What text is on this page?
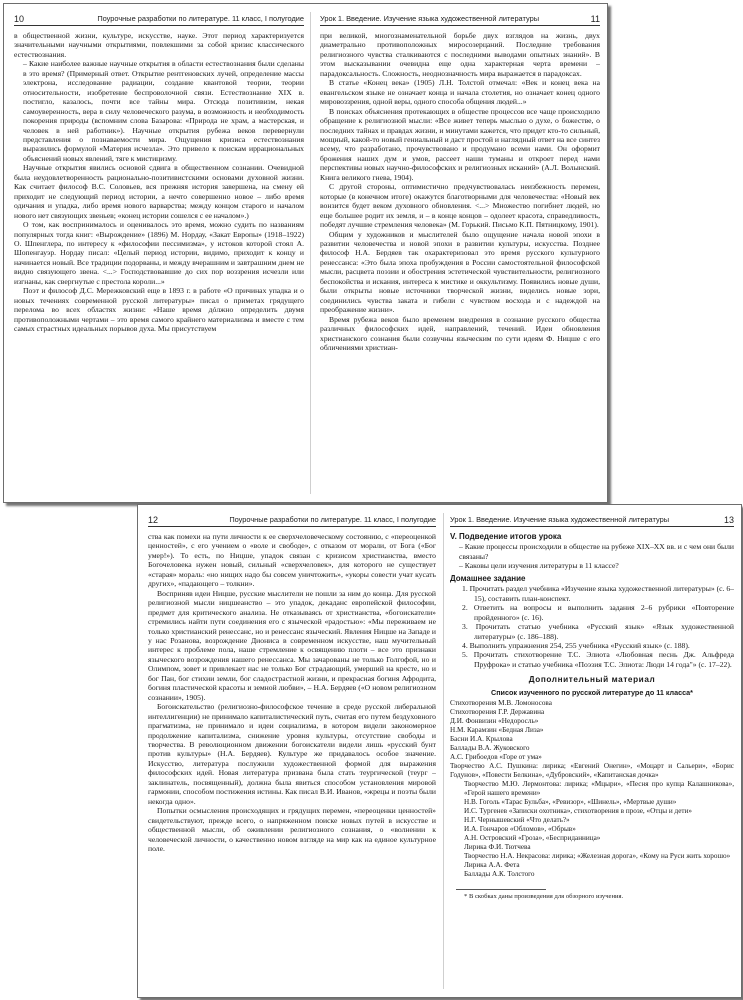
10	Поурочные разработки по литературе. 11 класс, I полугодие

в общественной жизни, культуре, искусстве, науке. Этот период характеризуется значительными научными открытиями, повлекшими за собой кризис классического естествознания.

– Какие наиболее важные научные открытия в области естествознания были сделаны в это время? (Примерный ответ. Открытие рентгеновских лучей, определение массы электрона, исследование радиации, создание квантовой теории, теории относительности, изобретение беспроволочной связи. Естествознание XIX в. постигло, казалось, почти все тайны мира. Отсюда позитивизм, некая самоуверенность, вера в силу человеческого разума, в возможность и необходимость покорения природы (вспомним слова Базарова: «Природа не храм, а мастерская, и человек в ней работник»). Научные открытия рубежа веков перевернули представления о познаваемости мира. Ощущения кризиса естествознания выразились формулой «Материя исчезла». Это привело к поискам иррациональных объяснений новых явлений, тяге к мистицизму.

Научные открытия явились основой сдвига в общественном сознании. Очевидной была неудовлетворенность рационально-позитивистскими основами духовной жизни. Как считает философ В.С. Соловьев, вся прежняя история завершена, на смену ей приходит не следующий период истории, а нечто совершенно новое – либо время одичания и упадка, либо время нового варварства; между концом старого и началом нового нет связующих звеньев; «конец истории сошелся с ее началом».)

О том, как воспринималось и оценивалось это время, можно судить по названиям популярных тогда книг: «Вырождение» (1896) М. Нордау, «Закат Европы» (1918–1922) О. Шпенглера, по интересу к «философии пессимизма», у истоков которой стоял А. Шопенгауэр. Нордау писал: «Целый период истории, видимо, приходит к концу и начинается новый. Все традиции подорваны, и между вчерашним и завтрашним днем не видно связующего звена. <...> Господствовавшие до сих пор воззрения исчезли или изгнаны, как свергнутые с престола короли...»

Поэт и философ Д.С. Мережковский еще в 1893 г. в работе «О причинах упадка и о новых течениях современной русской литературы» писал о приметах грядущего перелома во всех областях жизни: «Наше время дóлжно определить двумя противоположными чертами – это время самого крайнего материализма и вместе с тем самых страстных идеальных порывов духа. Мы присутствуем

Урок 1. Введение. Изучение языка художественной литературы	11

при великой, многознаменательной борьбе двух взглядов на жизнь, двух диаметрально противоположных миросозерцаний. Последние требования религиозного чувства сталкиваются с последними выводами опытных знаний». В этом высказывании очевидна еще одна характерная черта времени – парадоксальность. Сложность, неоднозначность мира выражается в парадоксах.

В статье «Конец века» (1905) Л.Н. Толстой отмечал: «Век и конец века на евангельском языке не означает конца и начала столетия, но означает конец одного мировоззрения, одной веры, одного способа общения людей...»

В поисках объяснения протекающих в обществе процессов все чаще происходило обращение к религиозной мысли: «Все живет теперь мыслью о духе, о божестве, о последних тайнах и правдах жизни, и минутами кажется, что придет кто-то сильный, мощный, какой-то новый гениальный и даст простой и наглядный ответ на все синтез всему, что разработано, прочувствовано и продумано всеми нами. Он оформит брожения наших дум и умов, рассеет наши туманы и откроет перед нами перспективы новых научно-философских и религиозных исканий» (А.Л. Волынский. Книга великого гнева, 1904).

С другой стороны, оптимистично предчувствовалась неизбежность перемен, которые (в конечном итоге) окажутся благотворными для человечества: «Новый век вонзится будет веком духовного обновления. <...> Множество погибнет людей, но еще большее родит их земля, и – в конце концов – одолеет красота, справедливость, победят лучшие стремления человека» (М. Горький. Письмо К.П. Пятницкому, 1901).

Общим у художников и мыслителей было ощущение начала новой эпохи в развитии человечества и новой эпохи в развитии культуры, искусства. Позднее философ Н.А. Бердяев так охарактеризовал это время русского культурного ренессанса: «Это была эпоха пробуждения в России самостоятельной философской мысли, расцвета поэзии и обострения эстетической чувствительности, религиозного беспокойства и искания, интереса к мистике и оккультизму. Появились новые души, были открыты новые источники творческой жизни, виделись новые зори, соединились чувства заката и гибели с чувством восхода и с надеждой на преображение жизни».

Время рубежа веков было временем внедрения в сознание русского общества различных философских идей, направлений, течений. Идеи обновления христианского сознания были созвучны языческим по сути идеям Ф. Ницше с его обличениями христиан-

12	Поурочные разработки по литературе. 11 класс, I полугодие

ства как помехи на пути личности к ее сверхчеловеческому состоянию, с «переоценкой ценностей», с его учением о «воле и свободе», с отказом от морали, от Бога («Бог умер!»). То есть, по Ницше, упадок связан с кризисом христианства, вместо Богочеловека нужен новый, сильный «сверхчеловек», для которого не существует «старая» мораль: «но нищих надо бы совсем уничтожить», «укоры совести учат кусать других», «падающего – толкни».

Восприняв идеи Ницше, русские мыслители не пошли за ним до конца. Для русской религиозной мысли ницшеанство – это упадок, декаданс европейской философии, предмет для критического анализа. Не отказываясь от христианства, «богоискатели» стремились найти пути соединения его с языческой «радостью»: «Мы переживаем не только христианский ренессанс, но и ренессанс языческий. Явления Ницше на Западе и у нас Розанова, возрождение Диониса в современном искусстве, наш мучительный интерес к проблеме пола, наше стремление к освящению плоти – все это признаки языческого возрождения нашего ренессанса. Мы зачарованы не только Голгофой, но и Олимпом, зовет и привлекает нас не только Бог страдающий, умерший на кресте, но и бог Пан, бог стихии земли, бог сладострастной жизни, и прекрасная богиня Афродита, богиня пластической красоты и земной любви», – Н.А. Бердяев («О новом религиозном сознании», 1905).

Богоискательство (религиозно-философское течение в среде русской либеральной интеллигенции) не принимало капиталистический путь, считая его путем бездуховного прагматизма, не принимало и идеи социализма, в котором видели закономерное продолжение капитализма, снижение уровня культуры, отсутствие свободы и творчества. В революционном движении богоискатели видели лишь «русский бунт против культуры» (Н.А. Бердяев). Культуре же придавалось особое значение. Искусство, литература послужили художественной формой для выражения философских идей. Новая литература призвана была стать теургической (теург – заклинатель, посвященный), должна была явиться способом установления мировой гармонии, способом постижения истины. Как писал В.И. Иванов, «жрецы и поэты были некогда одно».

Попытки осмысления происходящих и грядущих перемен, «переоценки ценностей» свидетельствуют, прежде всего, о напряженном поиске новых путей в искусстве и общественной мысли, об оживлении религиозного сознания, о «волнении к человеческой личности, о качественно новом взгляде на мир как на единое культурное поле.

Урок 1. Введение. Изучение языка художественной литературы	13
V. Подведение итогов урока

– Какие процессы происходили в обществе на рубеже XIX–XX вв. и с чем они были связаны?

– Каковы цели изучения литературы в 11 классе?

Домашнее задание
1. Прочитать раздел учебника «Изучение языка художественной литературы» (с. 6–15), составить план-конспект.
2. Ответить на вопросы и выполнить задания 2–6 рубрики «Повторение пройденного» (с. 16).
3. Прочитать статью учебника «Русский язык» «Язык художественной литературы» (с. 186–188).
4. Выполнить упражнения 254, 255 учебника «Русский язык» (с. 188).
5. Прочитать стихотворение Т.С. Элиота «Любовная песнь Дж. Альфреда Пруфрока» и статью учебника «Поэзия Т.С. Элиота: Люди 14 года"» (с. 17–22).
Дополнительный материал
Список изученного по русской литературе до 11 класса*

Стихотворения М.В. Ломоносова

Стихотворения Г.Р. Державина

Д.И. Фонвизин «Недоросль»

Н.М. Карамзин «Бедная Лиза»

Басни И.А. Крылова

Баллады В.А. Жуковского

А.С. Грибоедов «Горе от ума»

Творчество А.С. Пушкина: лирика; «Евгений Онегин», «Моцарт и Сальери», «Борис Годунов», «Повести Белкина», «Дубровский», «Капитанская дочка»

Творчество М.Ю. Лермонтова: лирика; «Мцыри», «Песня про купца Калашникова», «Герой нашего времени»

Н.В. Гоголь «Тарас Бульба», «Ревизор», «Шинель», «Мертвые души»

И.С. Тургенев «Записки охотника», стихотворения в прозе, «Отцы и дети»

Н.Г. Чернышевский «Что делать?»

И.А. Гончаров «Обломов», «Обрыв»

А.Н. Островский «Гроза», «Бесприданница»

Лирика Ф.И. Тютчева

Творчество Н.А. Некрасова: лирика; «Железная дорога», «Кому на Руси жить хорошо»

Лирика А.А. Фета

Баллады А.К. Толстого

* В скобках даны произведения для обзорного изучения.
